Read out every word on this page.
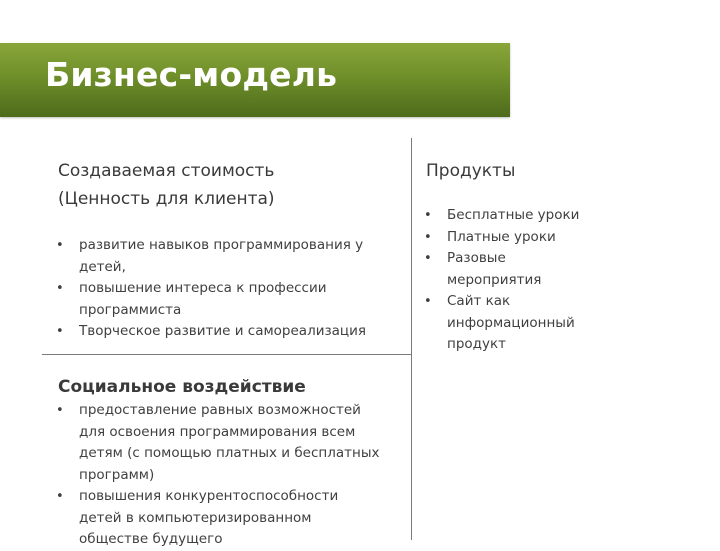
Бизнес-модель
Создаваемая стоимость
(Ценность для клиента)
• развитие навыков программирования у
детей,
• повышение интереса к профессии
программиста
• Творческое развитие и самореализация
Социальное воздействие
• предоставление равных возможностей
для освоения программирования всем
детям (с помощью платных и бесплатных
программ)
• повышения конкурентоспособности
детей в компьютеризированном
обществе будущего
Продукты
• Бесплатные уроки
• Платные уроки
• Разовые
мероприятия
• Сайт как
информационный
продукт
